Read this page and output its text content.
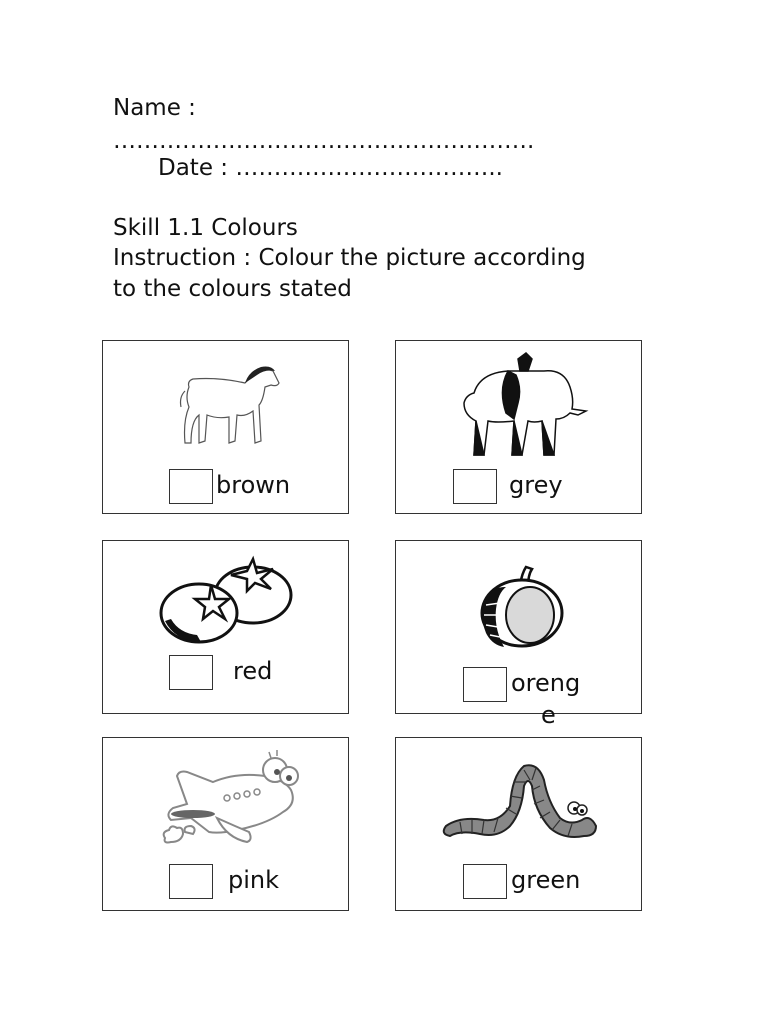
Name :
……………………………………………….
Date : ……………………………..
Skill 1.1 Colours
Instruction : Colour the picture according
to the colours stated
brown	grey
red	oreng
e
pink	green
